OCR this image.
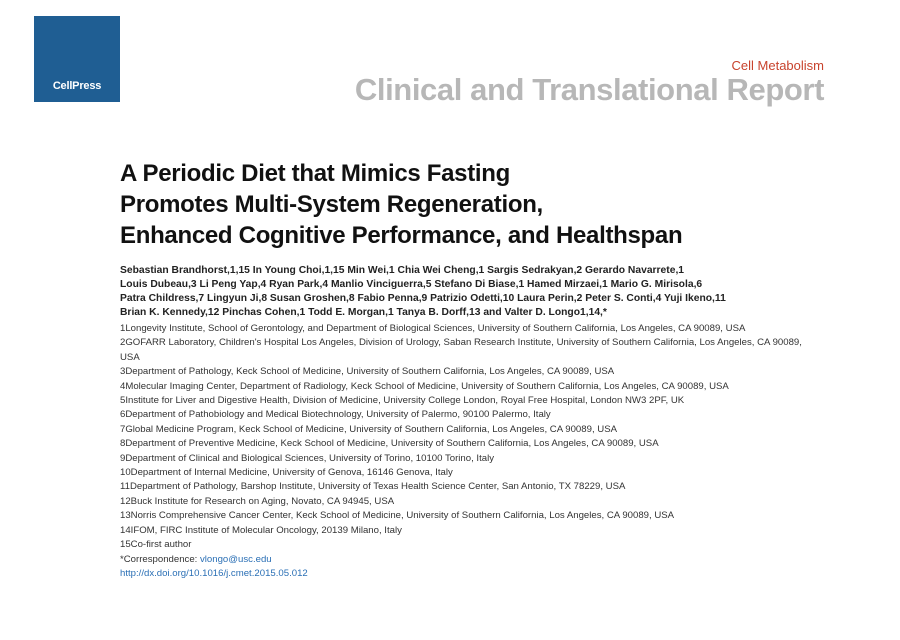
CellPress
Cell Metabolism
Clinical and Translational Report
A Periodic Diet that Mimics Fasting
Promotes Multi-System Regeneration,
Enhanced Cognitive Performance, and Healthspan
Sebastian Brandhorst,1,15 In Young Choi,1,15 Min Wei,1 Chia Wei Cheng,1 Sargis Sedrakyan,2 Gerardo Navarrete,1
Louis Dubeau,3 Li Peng Yap,4 Ryan Park,4 Manlio Vinciguerra,5 Stefano Di Biase,1 Hamed Mirzaei,1 Mario G. Mirisola,6
Patra Childress,7 Lingyun Ji,8 Susan Groshen,8 Fabio Penna,9 Patrizio Odetti,10 Laura Perin,2 Peter S. Conti,4 Yuji Ikeno,11
Brian K. Kennedy,12 Pinchas Cohen,1 Todd E. Morgan,1 Tanya B. Dorff,13 and Valter D. Longo1,14,*
1Longevity Institute, School of Gerontology, and Department of Biological Sciences, University of Southern California, Los Angeles, CA 90089, USA
2GOFARR Laboratory, Children's Hospital Los Angeles, Division of Urology, Saban Research Institute, University of Southern California, Los Angeles, CA 90089, USA
3Department of Pathology, Keck School of Medicine, University of Southern California, Los Angeles, CA 90089, USA
4Molecular Imaging Center, Department of Radiology, Keck School of Medicine, University of Southern California, Los Angeles, CA 90089, USA
5Institute for Liver and Digestive Health, Division of Medicine, University College London, Royal Free Hospital, London NW3 2PF, UK
6Department of Pathobiology and Medical Biotechnology, University of Palermo, 90100 Palermo, Italy
7Global Medicine Program, Keck School of Medicine, University of Southern California, Los Angeles, CA 90089, USA
8Department of Preventive Medicine, Keck School of Medicine, University of Southern California, Los Angeles, CA 90089, USA
9Department of Clinical and Biological Sciences, University of Torino, 10100 Torino, Italy
10Department of Internal Medicine, University of Genova, 16146 Genova, Italy
11Department of Pathology, Barshop Institute, University of Texas Health Science Center, San Antonio, TX 78229, USA
12Buck Institute for Research on Aging, Novato, CA 94945, USA
13Norris Comprehensive Cancer Center, Keck School of Medicine, University of Southern California, Los Angeles, CA 90089, USA
14IFOM, FIRC Institute of Molecular Oncology, 20139 Milano, Italy
15Co-first author
*Correspondence: vlongo@usc.edu
http://dx.doi.org/10.1016/j.cmet.2015.05.012
